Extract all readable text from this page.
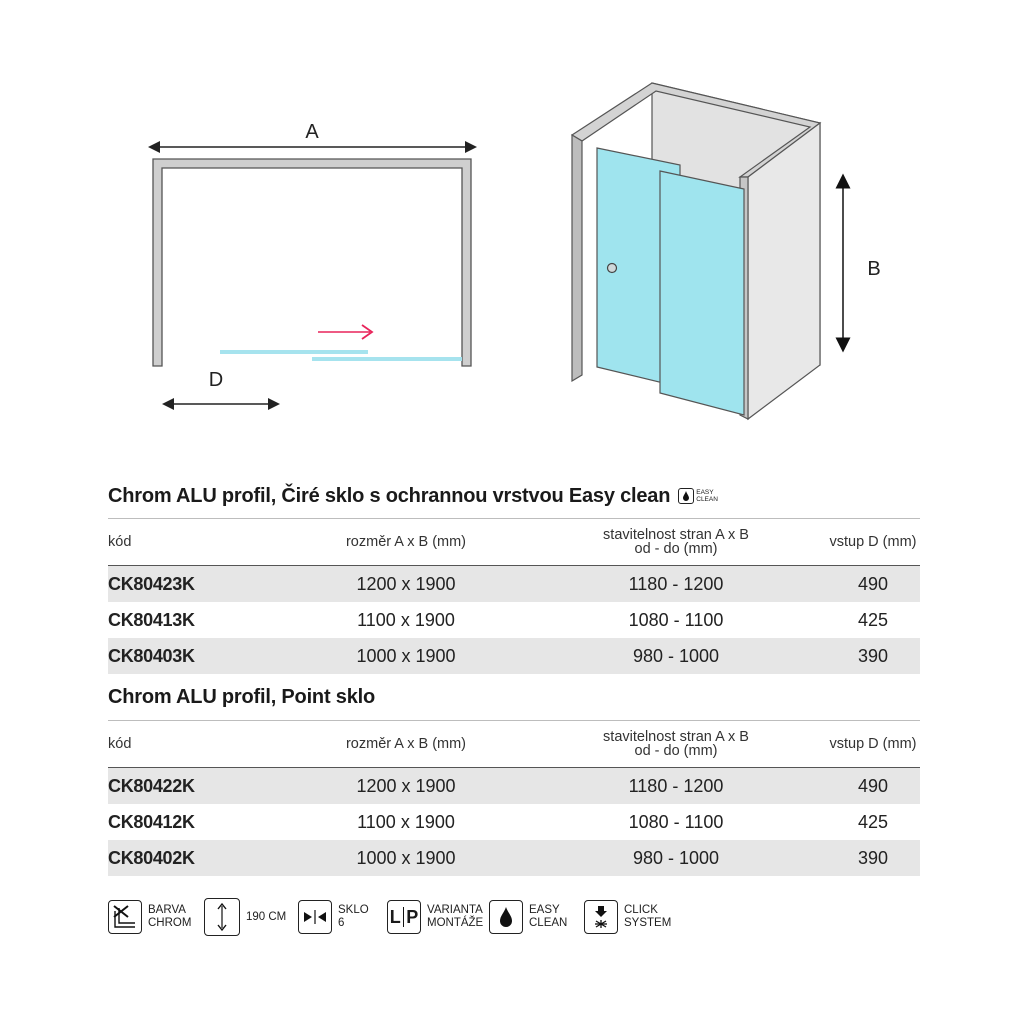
A
D
B
Chrom ALU profil, Čiré sklo s ochrannou vrstvou Easy clean	EASY
CLEAN
kód	rozměr A x B (mm)	stavitelnost stran A x B
od - do (mm)	vstup D (mm)
CK80423K	1200 x 1900	1180 - 1200	490
CK80413K	1100 x 1900	1080 - 1100	425
CK80403K	1000 x 1900	980 - 1000	390
Chrom ALU profil, Point sklo
kód	rozměr A x B (mm)	stavitelnost stran A x B
od - do (mm)	vstup D (mm)
CK80422K	1200 x 1900	1180 - 1200	490
CK80412K	1100 x 1900	1080 - 1100	425
CK80402K	1000 x 1900	980 - 1000	390
BARVA
CHROM
190 CM
SKLO
6	L P VARIANTA
MONTÁŽE
EASY
CLEAN
CLICK
SYSTEM
